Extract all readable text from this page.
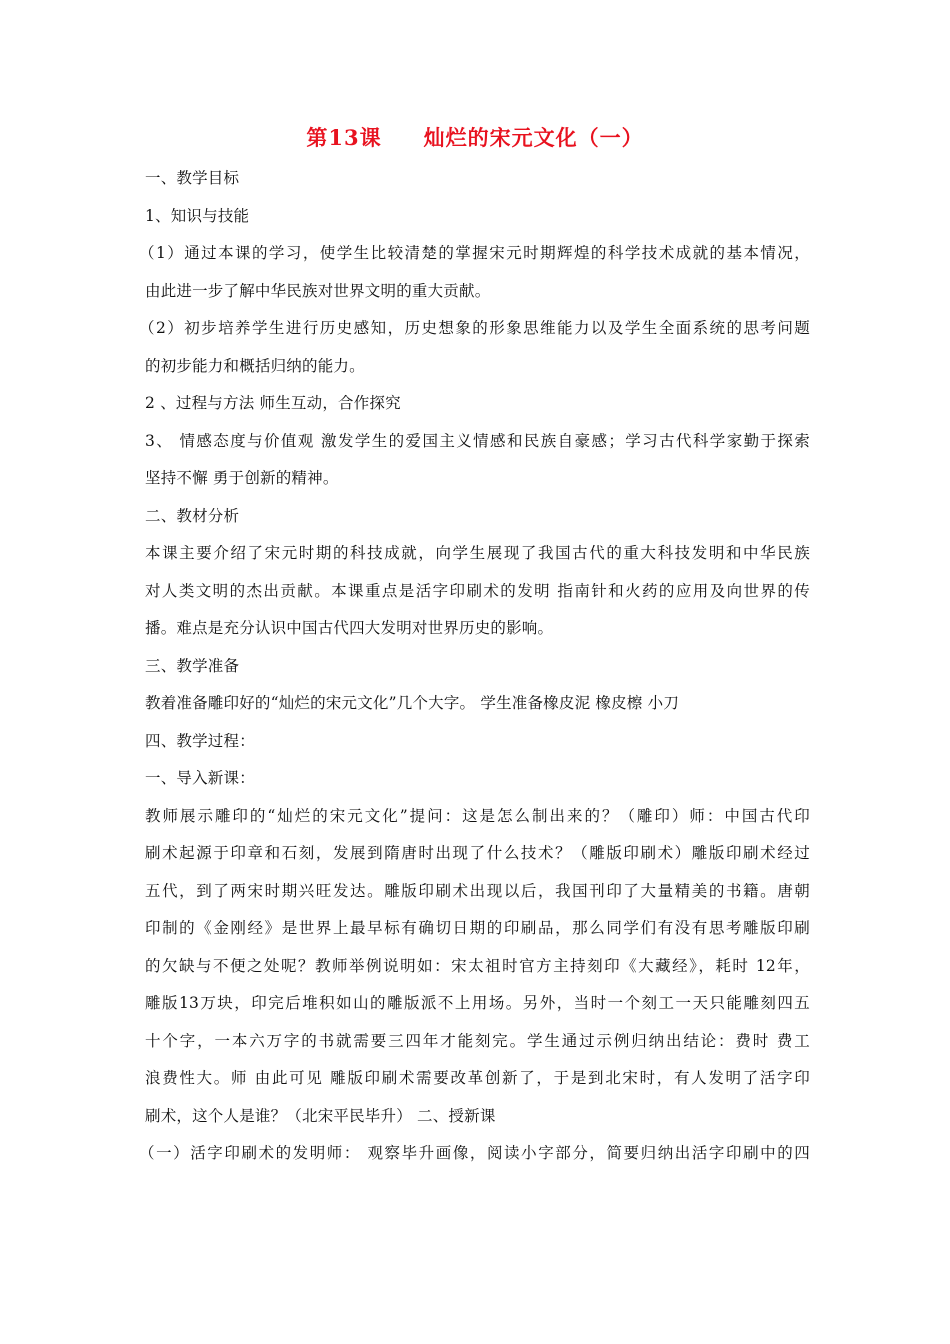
第13课 灿烂的宋元文化（一）
一、教学目标
1、知识与技能
（1）通过本课的学习，使学生比较清楚的掌握宋元时期辉煌的科学技术成就的基本情况，
由此进一步了解中华民族对世界文明的重大贡献。
（2）初步培养学生进行历史感知，历史想象的形象思维能力以及学生全面系统的思考问题
的初步能力和概括归纳的能力。
2 、过程与方法 师生互动，合作探究
3、 情感态度与价值观 激发学生的爱国主义情感和民族自豪感；学习古代科学家勤于探索
坚持不懈 勇于创新的精神。
二、教材分析
本课主要介绍了宋元时期的科技成就，向学生展现了我国古代的重大科技发明和中华民族
对人类文明的杰出贡献。本课重点是活字印刷术的发明 指南针和火药的应用及向世界的传
播。难点是充分认识中国古代四大发明对世界历史的影响。
三、教学准备
教着准备雕印好的“灿烂的宋元文化”几个大字。 学生准备橡皮泥 橡皮檫 小刀
四、教学过程：
一、导入新课：
教师展示雕印的“灿烂的宋元文化”提问：这是怎么制出来的？（雕印）师：中国古代印
刷术起源于印章和石刻，发展到隋唐时出现了什么技术？（雕版印刷术）雕版印刷术经过
五代，到了两宋时期兴旺发达。雕版印刷术出现以后，我国刊印了大量精美的书籍。唐朝
印制的《金刚经》是世界上最早标有确切日期的印刷品，那么同学们有没有思考雕版印刷
的欠缺与不便之处呢？教师举例说明如：宋太祖时官方主持刻印《大藏经》，耗时 12年，
雕版13万块，印完后堆积如山的雕版派不上用场。另外，当时一个刻工一天只能雕刻四五
十个字，一本六万字的书就需要三四年才能刻完。学生通过示例归纳出结论：费时 费工
浪费性大。师 由此可见 雕版印刷术需要改革创新了，于是到北宋时，有人发明了活字印
刷术，这个人是谁？（北宋平民毕升） 二、授新课
（一）活字印刷术的发明师： 观察毕升画像，阅读小字部分，简要归纳出活字印刷中的四
